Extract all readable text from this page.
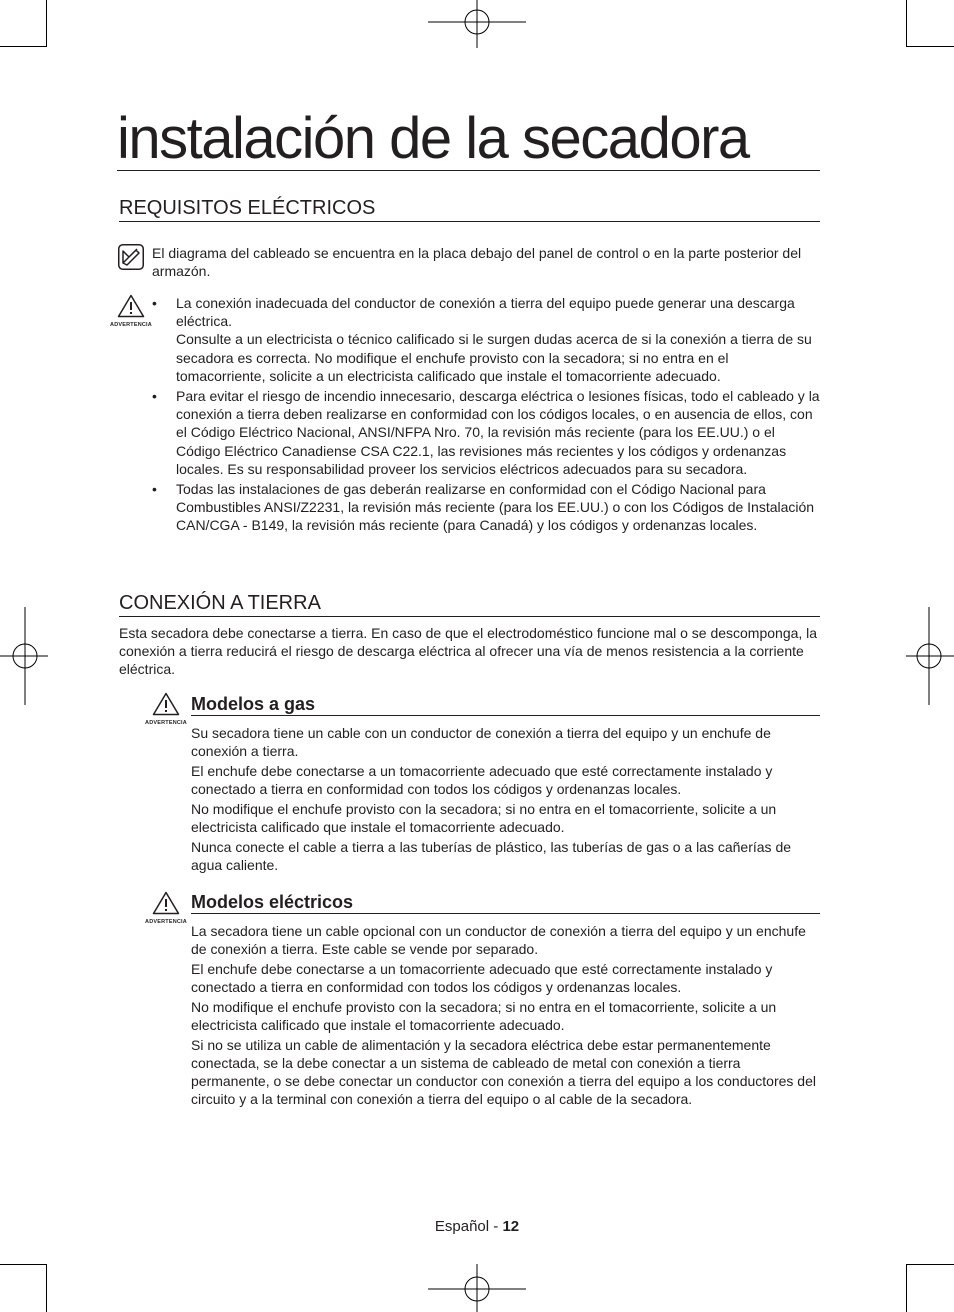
instalación de la secadora
REQUISITOS ELÉCTRICOS

El diagrama del cableado se encuentra en la placa debajo del panel de control o en la parte posterior del armazón.

ADVERTENCIA
• La conexión inadecuada del conductor de conexión a tierra del equipo puede generar una descarga eléctrica.
Consulte a un electricista o técnico calificado si le surgen dudas acerca de si la conexión a tierra de su secadora es correcta. No modifique el enchufe provisto con la secadora; si no entra en el tomacorriente, solicite a un electricista calificado que instale el tomacorriente adecuado.
• Para evitar el riesgo de incendio innecesario, descarga eléctrica o lesiones físicas, todo el cableado y la conexión a tierra deben realizarse en conformidad con los códigos locales, o en ausencia de ellos, con el Código Eléctrico Nacional, ANSI/NFPA Nro. 70, la revisión más reciente (para los EE.UU.) o el Código Eléctrico Canadiense CSA C22.1, las revisiones más recientes y los códigos y ordenanzas locales. Es su responsabilidad proveer los servicios eléctricos adecuados para su secadora.
• Todas las instalaciones de gas deberán realizarse en conformidad con el Código Nacional para Combustibles ANSI/Z2231, la revisión más reciente (para los EE.UU.) o con los Códigos de Instalación CAN/CGA - B149, la revisión más reciente (para Canadá) y los códigos y ordenanzas locales.
CONEXIÓN A TIERRA

Esta secadora debe conectarse a tierra. En caso de que el electrodoméstico funcione mal o se descomponga, la conexión a tierra reducirá el riesgo de descarga eléctrica al ofrecer una vía de menos resistencia a la corriente eléctrica.

ADVERTENCIA
Modelos a gas

Su secadora tiene un cable con un conductor de conexión a tierra del equipo y un enchufe de conexión a tierra.

El enchufe debe conectarse a un tomacorriente adecuado que esté correctamente instalado y conectado a tierra en conformidad con todos los códigos y ordenanzas locales.

No modifique el enchufe provisto con la secadora; si no entra en el tomacorriente, solicite a un electricista calificado que instale el tomacorriente adecuado.

Nunca conecte el cable a tierra a las tuberías de plástico, las tuberías de gas o a las cañerías de agua caliente.

ADVERTENCIA
Modelos eléctricos

La secadora tiene un cable opcional con un conductor de conexión a tierra del equipo y un enchufe de conexión a tierra. Este cable se vende por separado.

El enchufe debe conectarse a un tomacorriente adecuado que esté correctamente instalado y conectado a tierra en conformidad con todos los códigos y ordenanzas locales.

No modifique el enchufe provisto con la secadora; si no entra en el tomacorriente, solicite a un electricista calificado que instale el tomacorriente adecuado.

Si no se utiliza un cable de alimentación y la secadora eléctrica debe estar permanentemente conectada, se la debe conectar a un sistema de cableado de metal con conexión a tierra permanente, o se debe conectar un conductor con conexión a tierra del equipo a los conductores del circuito y a la terminal con conexión a tierra del equipo o al cable de la secadora.

Español - 12
